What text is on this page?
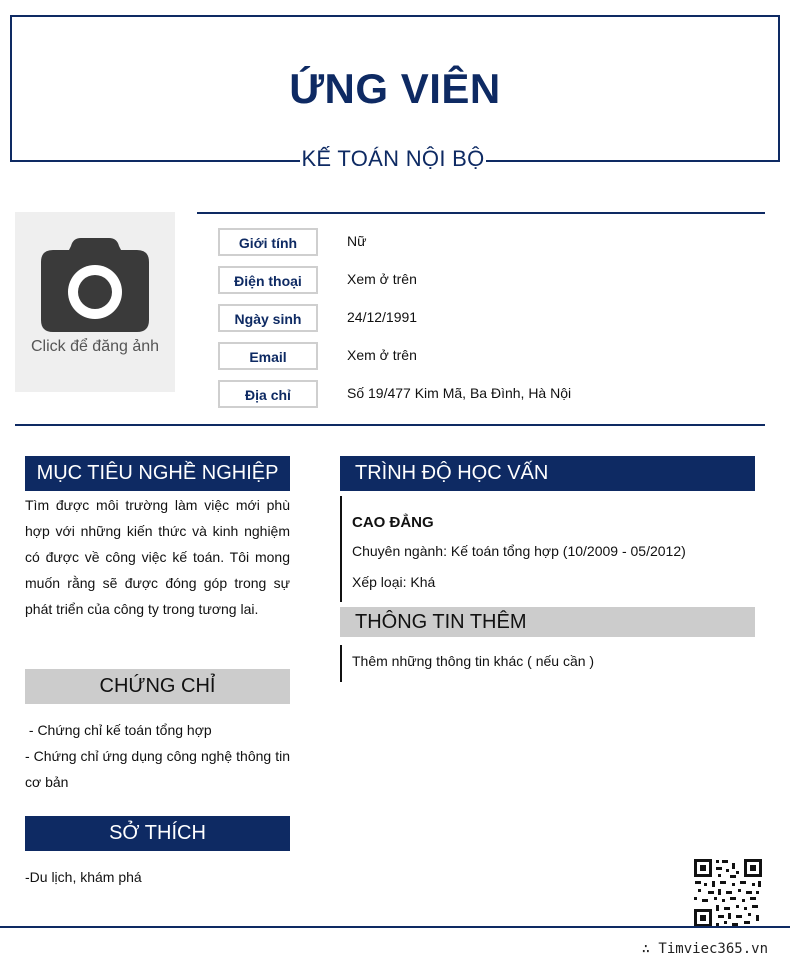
ỨNG VIÊN
KẾ TOÁN NỘI BỘ
Click để đăng ảnh
Giới tính	Nữ
Điện thoại	Xem ở trên
Ngày sinh	24/12/1991
Email	Xem ở trên
Địa chỉ	Số 19/477 Kim Mã, Ba Đình, Hà Nội
MỤC TIÊU NGHỀ NGHIỆP
Tìm được môi trường làm việc mới phù hợp với những kiến thức và kinh nghiệm có được về công việc kế toán. Tôi mong muốn rằng sẽ được đóng góp trong sự phát triển của công ty trong tương lai.
CHỨNG CHỈ
- Chứng chỉ kế toán tổng hợp
- Chứng chỉ ứng dụng công nghệ thông tin cơ bản
SỞ THÍCH
-Du lịch, khám phá
TRÌNH ĐỘ HỌC VẤN
CAO ĐẲNG
Chuyên ngành: Kế toán tổng hợp (10/2009 - 05/2012)
Xếp loại: Khá
THÔNG TIN THÊM
Thêm những thông tin khác ( nếu cần )
∴ Timviec365.vn
